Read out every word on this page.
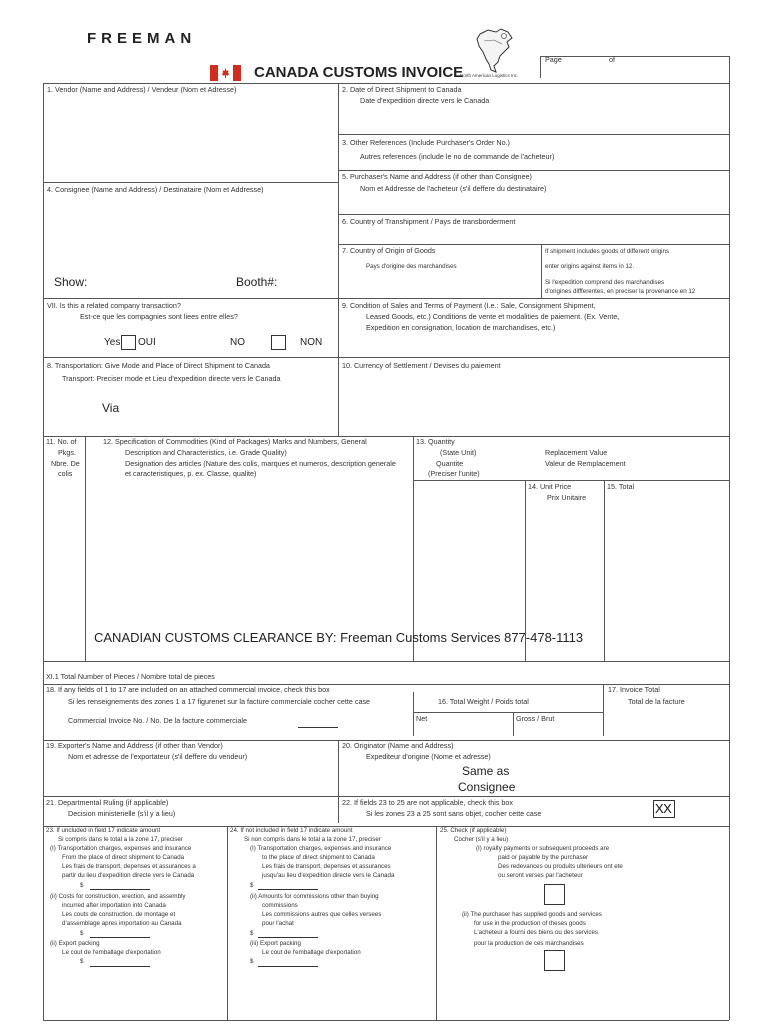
FREEMAN
CANADA CUSTOMS INVOICE
North American Logistics Inc.
Page	of
1. Vendor (Name and Address) / Vendeur (Nom et Adresse)	2. Date of Direct Shipment to Canada
Date d'expedition directe vers le Canada
3. Other References (Include Purchaser's Order No.)
Autres references (include le no de commande de l'acheteur)
5. Purchaser's Name and Address (if other than Consignee)
Nom et Addresse de l'acheteur (s'il deffere du destinataire)
4. Consignee (Name and Address) / Destinataire (Nom et Addresse)
6. Country of Transhipment / Pays de transborderment
7. Country of Origin of Goods
Pays d'origine des marchandises
If shipment includes goods of different origins
enter origins against items in 12.
Si l'expedition comprend des marchandises
d'origines diffferentes, en preciser la provenance en 12
Show:	Booth#:
VII. Is this a related company transaction?
Est-ce que les compagnies sont liees entre elles?
Yes OUI	NO	NON
9. Condition of Sales and Terms of Payment (I.e.: Sale, Consignment Shipment,
Leased Goods, etc.) Conditions de vente et modalities de paiement. (Ex. Vente,
Expedition en consignation, location de marchandises, etc.)
8. Transportation: Give Mode and Place of Direct Shipment to Canada
Transport: Preciser mode et Lieu d'expedition directe vers le Canada
Via
10. Currency of Settlement / Devises du paiement
11. No. of
Pkgs.
Nbre. De
colis
12. Specification of Commodities (Kind of Packages) Marks and Numbers, General
Description and Characteristics, i.e. Grade Quality)
Designation des articles (Nature des colis, marques et numeros, description generale
et caracteristiques, p. ex. Classe, qualite)
13. Quantity
(State Unit)
Quantite
(Preciser l'unite)
Replacement Value
Valeur de Remplacement
14. Unit Price
Prix Unitaire
15. Total
CANADIAN CUSTOMS CLEARANCE BY: Freeman Customs Services 877-478-1113
XI.1 Total Number of Pieces / Nombre total de pieces
18. If any fields of 1 to 17 are included on an attached commercial invoice, check this box
Si les renseignements des zones 1 a 17 figurenet sur la facture commerciale cocher cette case
Commercial Invoice No. / No. De la facture commerciale
16. Total Weight / Poids total
Net	Gross / Brut
17. Invoice Total
Total de la facture
19. Exporter's Name and Address (if other than Vendor)
Nom et adresse de l'exportateur (s'il deffere du vendeur)
20. Originator (Name and Address)
Expediteur d'origine (Nome et adresse)
Same as
Consignee
21. Departmental Ruling (if applicable)
Decision ministerielle (s'il y a lieu)
22. If fields 23 to 25 are not applicable, check this box
Si les zones 23 a 25 sont sans objet, cocher cette case	XX
23. If uncluded in field 17 indicate amount
Si compris dans le total a la zone 17, preciser
(I) Transportation charges, expenses and insurance
From the place of direct shipment to Canada
Les frais de transport, depenses et assurances a
partir du lieu d'expedition directe vers le Canada
$
(ii) Costs for construction, erection, and assembly
incurred after importation into Canada
Les couts de construction, de montage et
d'assemblage apres importation au Canada
$
(ii) Export packing
Le cout de l'emballage d'exportation
$
24. If not included in field 17 indicate amount
Si non compris dans le total a la zone 17, preciser
(I) Transportation charges, expenses and insurance
to the place of direct shipment to Canada
Les frais de transport, depenses et assurances
jusqu'au lieu d'expedition directe vers le Canada
$
(ii) Amounts for commissions other than buying
commissions
Les commissions autres que celles versees
pour l'achat
$
(iii) Export packing
Le cout de l'emballage d'exportation
$
25. Check (if applicable)
Cocher (s'il y a lieu)
(I) royalty payments or subsequent proceeds are
paid or payable by the purchaser
Des redevances ou produits ulterieurs ont ete
ou seront verses par l'acheteur
(ii) The purchaser has supplied goods and services
for use in the production of theses goods
L'acheteur a fourni des biens ou des services
pour la production de ces marchandises
